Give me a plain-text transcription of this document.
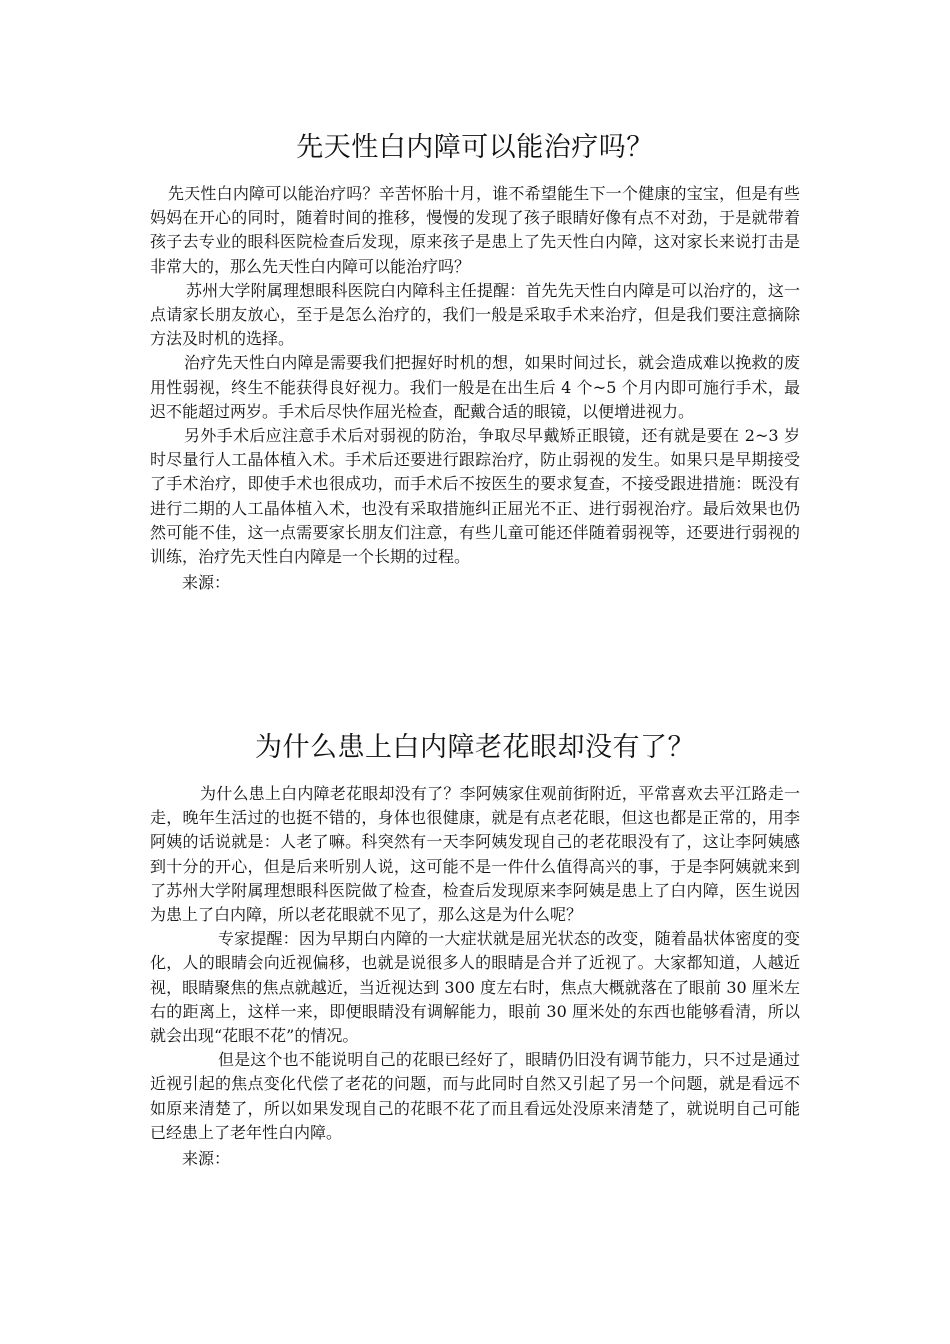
先天性白内障可以能治疗吗？

先天性白内障可以能治疗吗？辛苦怀胎十月，谁不希望能生下一个健康的宝宝，但是有些妈妈在开心的同时，随着时间的推移，慢慢的发现了孩子眼睛好像有点不对劲，于是就带着孩子去专业的眼科医院检查后发现，原来孩子是患上了先天性白内障，这对家长来说打击是非常大的，那么先天性白内障可以能治疗吗？

苏州大学附属理想眼科医院白内障科主任提醒：首先先天性白内障是可以治疗的，这一点请家长朋友放心，至于是怎么治疗的，我们一般是采取手术来治疗，但是我们要注意摘除方法及时机的选择。

治疗先天性白内障是需要我们把握好时机的想，如果时间过长，就会造成难以挽救的废用性弱视，终生不能获得良好视力。我们一般是在出生后 4 个~5 个月内即可施行手术，最迟不能超过两岁。手术后尽快作屈光检查，配戴合适的眼镜，以便增进视力。

另外手术后应注意手术后对弱视的防治，争取尽早戴矫正眼镜，还有就是要在 2~3 岁时尽量行人工晶体植入术。手术后还要进行跟踪治疗，防止弱视的发生。如果只是早期接受了手术治疗，即使手术也很成功，而手术后不按医生的要求复查，不接受跟进措施：既没有进行二期的人工晶体植入术，也没有采取措施纠正屈光不正、进行弱视治疗。最后效果也仍然可能不佳，这一点需要家长朋友们注意，有些儿童可能还伴随着弱视等，还要进行弱视的训练，治疗先天性白内障是一个长期的过程。

来源：

为什么患上白内障老花眼却没有了？

为什么患上白内障老花眼却没有了？李阿姨家住观前街附近，平常喜欢去平江路走一走，晚年生活过的也挺不错的，身体也很健康，就是有点老花眼，但这也都是正常的，用李阿姨的话说就是：人老了嘛。科突然有一天李阿姨发现自己的老花眼没有了，这让李阿姨感到十分的开心，但是后来听别人说，这可能不是一件什么值得高兴的事，于是李阿姨就来到了苏州大学附属理想眼科医院做了检查，检查后发现原来李阿姨是患上了白内障，医生说因为患上了白内障，所以老花眼就不见了，那么这是为什么呢？

专家提醒：因为早期白内障的一大症状就是屈光状态的改变，随着晶状体密度的变化，人的眼睛会向近视偏移，也就是说很多人的眼睛是合并了近视了。大家都知道，人越近视，眼睛聚焦的焦点就越近，当近视达到 300 度左右时，焦点大概就落在了眼前 30 厘米左右的距离上，这样一来，即便眼睛没有调解能力，眼前 30 厘米处的东西也能够看清，所以就会出现“花眼不花”的情况。

但是这个也不能说明自己的花眼已经好了，眼睛仍旧没有调节能力，只不过是通过近视引起的焦点变化代偿了老花的问题，而与此同时自然又引起了另一个问题，就是看远不如原来清楚了，所以如果发现自己的花眼不花了而且看远处没原来清楚了，就说明自己可能已经患上了老年性白内障。

来源：
